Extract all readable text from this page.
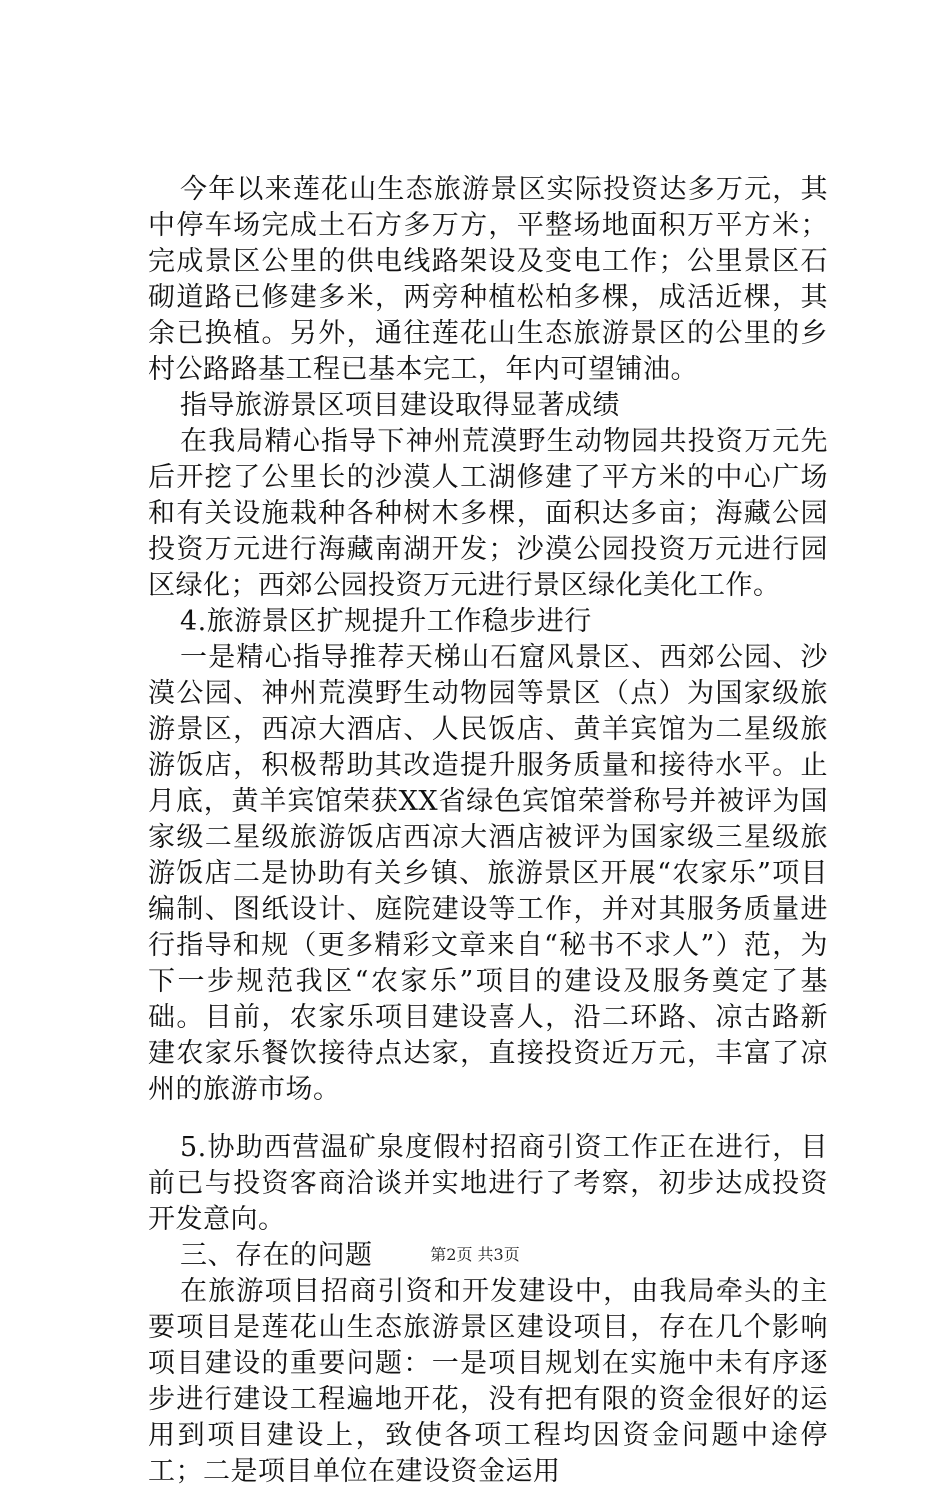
今年以来莲花山生态旅游景区实际投资达多万元，其中停车场完成土石方多万方，平整场地面积万平方米；完成景区公里的供电线路架设及变电工作；公里景区石砌道路已修建多米，两旁种植松柏多棵，成活近棵，其余已换植。另外，通往莲花山生态旅游景区的公里的乡村公路路基工程已基本完工，年内可望铺油。

指导旅游景区项目建设取得显著成绩

在我局精心指导下神州荒漠野生动物园共投资万元先后开挖了公里长的沙漠人工湖修建了平方米的中心广场和有关设施栽种各种树木多棵，面积达多亩；海藏公园投资万元进行海藏南湖开发；沙漠公园投资万元进行园区绿化；西郊公园投资万元进行景区绿化美化工作。

4.旅游景区扩规提升工作稳步进行

一是精心指导推荐天梯山石窟风景区、西郊公园、沙漠公园、神州荒漠野生动物园等景区（点）为国家级旅游景区，西凉大酒店、人民饭店、黄羊宾馆为二星级旅游饭店，积极帮助其改造提升服务质量和接待水平。止月底，黄羊宾馆荣获XX省绿色宾馆荣誉称号并被评为国家级二星级旅游饭店西凉大酒店被评为国家级三星级旅游饭店二是协助有关乡镇、旅游景区开展“农家乐”项目编制、图纸设计、庭院建设等工作，并对其服务质量进行指导和规（更多精彩文章来自“秘书不求人”）范，为下一步规范我区“农家乐”项目的建设及服务奠定了基础。目前，农家乐项目建设喜人，沿二环路、凉古路新建农家乐餐饮接待点达家，直接投资近万元，丰富了凉州的旅游市场。

5.协助西营温矿泉度假村招商引资工作正在进行，目前已与投资客商洽谈并实地进行了考察，初步达成投资开发意向。

三、存在的问题

在旅游项目招商引资和开发建设中，由我局牵头的主要项目是莲花山生态旅游景区建设项目，存在几个影响项目建设的重要问题：一是项目规划在实施中未有序逐步进行建设工程遍地开花，没有把有限的资金很好的运用到项目建设上，致使各项工程均因资金问题中途停工；二是项目单位在建设资金运用

第2页 共3页
